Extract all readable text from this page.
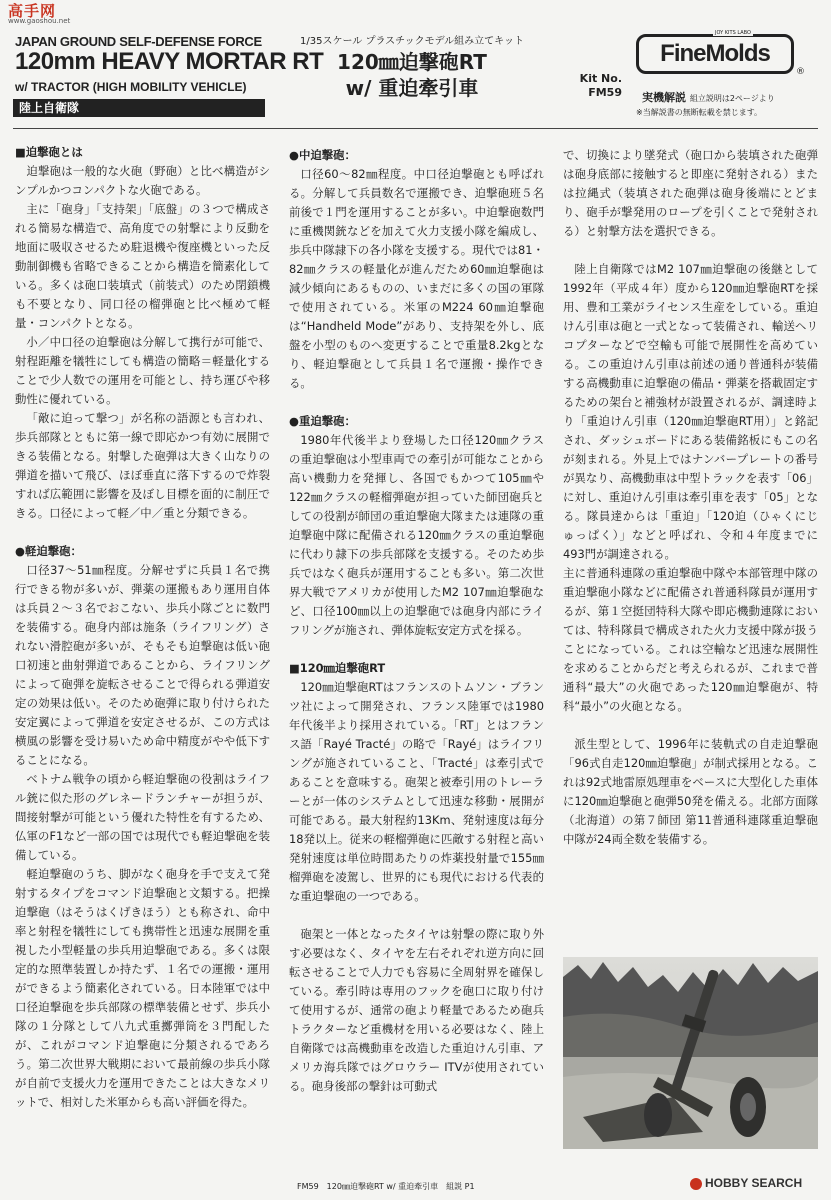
高手网
www.gaoshou.net
JAPAN GROUND SELF-DEFENSE FORCE
120mm HEAVY MORTAR RT
w/ TRACTOR (HIGH MOBILITY VEHICLE)
陸上自衛隊
1/35スケール プラスチックモデル組み立てキット
120㎜迫撃砲RT
w/ 重迫牽引車
FineMolds
JOY KITS LABO
®
Kit No.
FM59 実機解説 組立説明は2ページより
※当解説書の無断転載を禁じます。

■迫撃砲とは

迫撃砲は一般的な火砲（野砲）と比べ構造がシンプルかつコンパクトな火砲である。

主に「砲身」「支持架」「底盤」の３つで構成される簡易な構造で、高角度での射撃により反動を地面に吸収させるため駐退機や復座機といった反動制御機も省略できることから構造を簡素化している。多くは砲口装填式（前装式）のため閉鎖機も不要となり、同口径の榴弾砲と比べ極めて軽量・コンパクトとなる。

小／中口径の迫撃砲は分解して携行が可能で、射程距離を犠牲にしても構造の簡略＝軽量化することで少人数での運用を可能とし、持ち運びや移動性に優れている。

「敵に迫って撃つ」が名称の語源とも言われ、歩兵部隊とともに第一線で即応かつ有効に展開できる装備となる。射撃した砲弾は大きく山なりの弾道を描いて飛び、ほぼ垂直に落下するので炸裂すれば広範囲に影響を及ぼし目標を面的に制圧できる。口径によって軽／中／重と分類できる。

●軽迫撃砲：

口径37〜51㎜程度。分解せずに兵員１名で携行できる物が多いが、弾薬の運搬もあり運用自体は兵員２〜３名でおこない、歩兵小隊ごとに数門を装備する。砲身内部は施条（ライフリング）されない滑腔砲が多いが、そもそも迫撃砲は低い砲口初速と曲射弾道であることから、ライフリングによって砲弾を旋転させることで得られる弾道安定の効果は低い。そのため砲弾に取り付けられた安定翼によって弾道を安定させるが、この方式は横風の影響を受け易いため命中精度がやや低下することになる。

ベトナム戦争の頃から軽迫撃砲の役割はライフル銃に似た形のグレネードランチャーが担うが、間接射撃が可能という優れた特性を有するため、仏軍のF1など一部の国では現代でも軽迫撃砲を装備している。

軽迫撃砲のうち、脚がなく砲身を手で支えて発射するタイプをコマンド迫撃砲と文類する。把操迫撃砲（はそうはくげきほう）とも称され、命中率と射程を犠牲にしても携帯性と迅速な展開を重視した小型軽量の歩兵用迫撃砲である。多くは限定的な照準装置しか持たず、１名での運搬・運用ができるよう簡素化されている。日本陸軍では中口径迫撃砲を歩兵部隊の標準装備とせず、歩兵小隊の１分隊として八九式重擲弾筒を３門配したが、これがコマンド迫撃砲に分類されるであろう。第二次世界大戦期において最前線の歩兵小隊が自前で支援火力を運用できたことは大きなメリットで、相対した米軍からも高い評価を得た。

●中迫撃砲：

口径60〜82㎜程度。中口径迫撃砲とも呼ばれる。分解して兵員数名で運搬でき、迫撃砲班５名前後で１門を運用することが多い。中迫撃砲数門に重機関銃などを加えて火力支援小隊を編成し、歩兵中隊隷下の各小隊を支援する。現代では81・82㎜クラスの軽量化が進んだため60㎜迫撃砲は減少傾向にあるものの、いまだに多くの国の軍隊で使用されている。米軍のM224 60㎜迫撃砲は“Handheld Mode”があり、支持架を外し、底盤を小型のものへ変更することで重量8.2kgとなり、軽迫撃砲として兵員１名で運搬・操作できる。

●重迫撃砲：

1980年代後半より登場した口径120㎜クラスの重迫撃砲は小型車両での牽引が可能なことから高い機動力を発揮し、各国でもかつて105㎜や122㎜クラスの軽榴弾砲が担っていた師団砲兵としての役割が師団の重迫撃砲大隊または連隊の重迫撃砲中隊に配備される120㎜クラスの重迫撃砲に代わり隷下の歩兵部隊を支援する。そのため歩兵ではなく砲兵が運用することも多い。第二次世界大戦でアメリカが使用したM2 107㎜迫撃砲など、口径100㎜以上の迫撃砲では砲身内部にライフリングが施され、弾体旋転安定方式を採る。

■120㎜迫撃砲RT

120㎜迫撃砲RTはフランスのトムソン・ブランツ社によって開発され、フランス陸軍では1980年代後半より採用されている。「RT」とはフランス語「Rayé Tracté」の略で「Rayé」はライフリングが施されていること、「Tracté」は牽引式であることを意味する。砲架と被牽引用のトレーラーとが一体のシステムとして迅速な移動・展開が可能である。最大射程約13Km、発射速度は毎分18発以上。従来の軽榴弾砲に匹敵する射程と高い発射速度は単位時間あたりの炸薬投射量で155㎜榴弾砲を凌駕し、世界的にも現代における代表的な重迫撃砲の一つである。

砲架と一体となったタイヤは射撃の際に取り外す必要はなく、タイヤを左右それぞれ逆方向に回転させることで人力でも容易に全周射界を確保している。牽引時は専用のフックを砲口に取り付けて使用するが、通常の砲より軽量であるため砲兵トラクターなど重機材を用いる必要はなく、陸上自衛隊では高機動車を改造した重迫けん引車、アメリカ海兵隊ではグロウラー ITVが使用されている。砲身後部の撃針は可動式

で、切換により墜発式（砲口から装填された砲弾は砲身底部に接触すると即座に発射される）または拉縄式（装填された砲弾は砲身後端にとどまり、砲手が撃発用のロープを引くことで発射される）と射撃方法を選択できる。

陸上自衛隊ではM2 107㎜迫撃砲の後継として1992年（平成４年）度から120㎜迫撃砲RTを採用、豊和工業がライセンス生産をしている。重迫けん引車は砲と一式となって装備され、輸送ヘリコプターなどで空輸も可能で展開性を高めている。この重迫けん引車は前述の通り普通科が装備する高機動車に迫撃砲の備品・弾薬を搭載固定するための架台と補強材が設置されるが、調達時より「重迫けん引車（120㎜迫撃砲RT用）」と銘記され、ダッシュボードにある装備銘板にもこの名が刻まれる。外見上ではナンバープレートの番号が異なり、高機動車は中型トラックを表す「06」に対し、重迫けん引車は牽引車を表す「05」となる。隊員達からは「重迫」「120迫（ひゃくにじゅっぱく）」などと呼ばれ、令和４年度までに493門が調達される。

主に普通科連隊の重迫撃砲中隊や本部管理中隊の重迫撃砲小隊などに配備され普通科隊員が運用するが、第１空挺団特科大隊や即応機動連隊においては、特科隊員で構成された火力支援中隊が扱うことになっている。これは空輸など迅速な展開性を求めることからだと考えられるが、これまで普通科“最大”の火砲であった120㎜迫撃砲が、特科“最小”の火砲となる。

派生型として、1996年に装軌式の自走迫撃砲「96式自走120㎜迫撃砲」が制式採用となる。これは92式地雷原処理車をベースに大型化した車体に120㎜迫撃砲と砲弾50発を備える。北部方面隊（北海道）の第７師団 第11普通科連隊重迫撃砲中隊が24両全数を装備する。

FM59　120㎜迫撃砲RT w/ 重迫牽引車　組説 P1	HOBBY SEARCH
